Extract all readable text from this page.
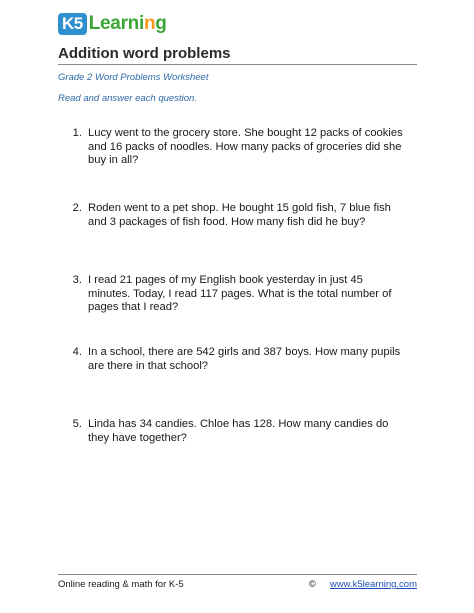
K5 Learning
Addition word problems
Grade 2 Word Problems Worksheet
Read and answer each question.
1. Lucy went to the grocery store. She bought 12 packs of cookies and 16 packs of noodles. How many packs of groceries did she buy in all?
2. Roden went to a pet shop. He bought 15 gold fish, 7 blue fish and 3 packages of fish food. How many fish did he buy?
3. I read 21 pages of my English book yesterday in just 45 minutes. Today, I read 117 pages. What is the total number of pages that I read?
4. In a school, there are 542 girls and 387 boys. How many pupils are there in that school?
5. Linda has 34 candies. Chloe has 128. How many candies do they have together?
Online reading & math for K-5	© www.k5learning.com
